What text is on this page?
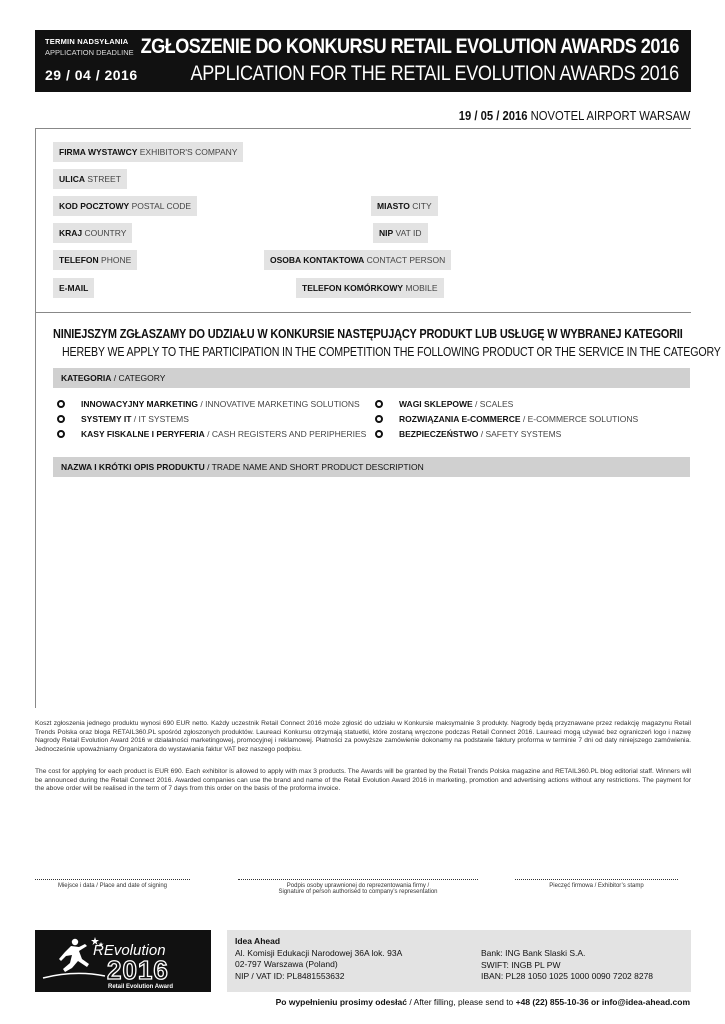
TERMIN NADSYŁANIA
APPLICATION DEADLINE
29 / 04 / 2016
ZGŁOSZENIE DO KONKURSU RETAIL EVOLUTION AWARDS 2016
APPLICATION FOR THE RETAIL EVOLUTION AWARDS 2016
19 / 05 / 2016 NOVOTEL AIRPORT WARSAW
FIRMA WYSTAWCY EXHIBITOR'S COMPANY
ULICA STREET
KOD POCZTOWY POSTAL CODE	MIASTO CITY
KRAJ COUNTRY	NIP VAT ID
TELEFON PHONE	OSOBA KONTAKTOWA CONTACT PERSON
E-MAIL	TELEFON KOMÓRKOWY MOBILE
NINIEJSZYM ZGŁASZAMY DO UDZIAŁU W KONKURSIE NASTĘPUJĄCY PRODUKT LUB USŁUGĘ W WYBRANEJ KATEGORII
HEREBY WE APPLY TO THE PARTICIPATION IN THE COMPETITION THE FOLLOWING PRODUCT OR THE SERVICE IN THE CATEGORY
KATEGORIA / CATEGORY
INNOWACYJNY MARKETING / INNOVATIVE MARKETING SOLUTIONS
SYSTEMY IT / IT SYSTEMS
KASY FISKALNE I PERYFERIA / CASH REGISTERS AND PERIPHERIES
WAGI SKLEPOWE / SCALES
ROZWIĄZANIA E-COMMERCE / E-COMMERCE SOLUTIONS
BEZPIECZEŃSTWO / SAFETY SYSTEMS
NAZWA I KRÓTKI OPIS PRODUKTU / TRADE NAME AND SHORT PRODUCT DESCRIPTION
Koszt zgłoszenia jednego produktu wynosi 690 EUR netto. Każdy uczestnik Retail Connect 2016 może zgłosić do udziału w Konkursie maksymalnie 3 produkty. Nagrody będą przyznawane przez redakcję magazynu Retail Trends Polska oraz bloga RETAIL360.PL spośród zgłoszonych produktów. Laureaci Konkursu otrzymają statuetki, które zostaną wręczone podczas Retail Connect 2016. Laureaci mogą używać bez ograniczeń logo i nazwę Nagrody Retail Evolution Award 2016 w działalności marketingowej, promocyjnej i reklamowej. Płatności za powyższe zamówienie dokonamy na podstawie faktury proforma w terminie 7 dni od daty niniejszego zamówienia. Jednocześnie upoważniamy Organizatora do wystawiania faktur VAT bez naszego podpisu.
The cost for applying for each product is EUR 690. Each exhibitor is allowed to apply with max 3 products. The Awards will be granted by the Retail Trends Polska magazine and RETAIL360.PL blog editorial staff. Winners will be announced during the Retail Connect 2016. Awarded companies can use the brand and name of the Retail Evolution Award 2016 in marketing, promotion and advertising actions without any restrictions. The payment for the above order will be realised in the term of 7 days from this order on the basis of the proforma invoice.
Miejsce i data / Place and date of signing	Podpis osoby uprawnionej do reprezentowania firmy /
Signature of person authorised to company’s representation
Pieczęć firmowa / Exhibitor’s stamp
REvolution
2016
Retail Evolution Award
Idea Ahead
Al. Komisji Edukacji Narodowej 36A lok. 93A
02-797 Warszawa (Poland)
NIP / VAT ID: PL8481553632
Bank: ING Bank Slaski S.A.
SWIFT: INGB PL PW
IBAN: PL28 1050 1025 1000 0090 7202 8278
Po wypełnieniu prosimy odesłać / After filling, please send to +48 (22) 855-10-36 or info@idea-ahead.com
